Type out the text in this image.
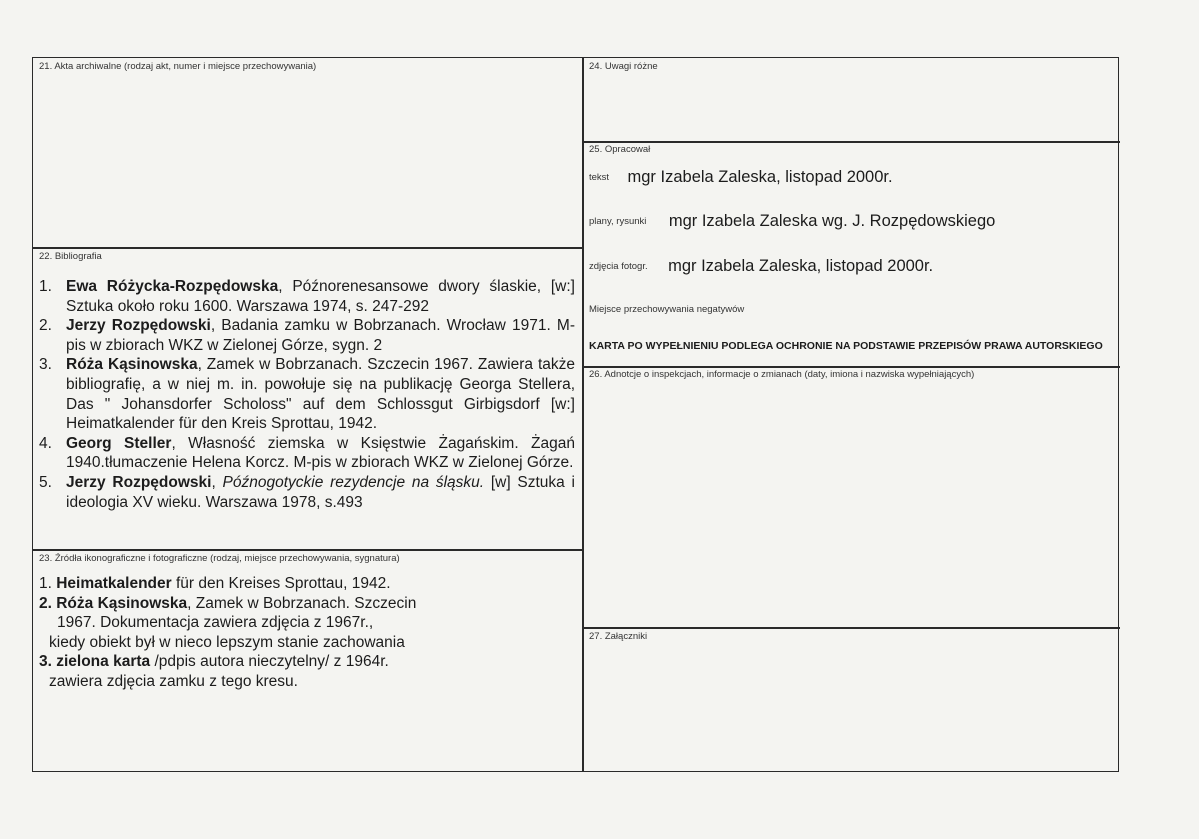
21. Akta archiwalne (rodzaj akt, numer i miejsce przechowywania)
22. Bibliografia
1. Ewa Różycka-Rozpędowska, Późnorenesansowe dwory ślaskie, [w:] Sztuka około roku 1600. Warszawa 1974, s. 247-292
2. Jerzy Rozpędowski, Badania zamku w Bobrzanach. Wrocław 1971. M-pis w zbiorach WKZ w Zielonej Górze, sygn. 2
3. Róża Kąsinowska, Zamek w Bobrzanach. Szczecin 1967. Zawiera także bibliografię, a w niej m. in. powołuje się na publikację Georga Stellera, Das " Johansdorfer Scholoss" auf dem Schlossgut Girbigsdorf [w:] Heimatkalender für den Kreis Sprottau, 1942.
4. Georg Steller, Własność ziemska w Księstwie Żagańskim. Żagań 1940.tłumaczenie Helena Korcz. M-pis w zbiorach WKZ w Zielonej Górze.
5. Jerzy Rozpędowski, Późnogotyckie rezydencje na śląsku. [w] Sztuka i ideologia XV wieku. Warszawa 1978, s.493
23. Źródła ikonograficzne i fotograficzne (rodzaj, miejsce przechowywania, sygnatura)
1. Heimatkalender für den Kreises Sprottau, 1942.
2. Róża Kąsinowska, Zamek w Bobrzanach. Szczecin
1967. Dokumentacja zawiera zdjęcia z 1967r.,
kiedy obiekt był w nieco lepszym stanie zachowania
3. zielona karta /pdpis autora nieczytelny/ z 1964r.
zawiera zdjęcia zamku z tego kresu.
24. Uwagi różne
25. Opracował
tekst mgr Izabela Zaleska, listopad 2000r.
plany, rysunki mgr Izabela Zaleska wg. J. Rozpędowskiego
zdjęcia fotogr. mgr Izabela Zaleska, listopad 2000r.
Miejsce przechowywania negatywów
KARTA PO WYPEŁNIENIU PODLEGA OCHRONIE NA PODSTAWIE PRZEPISÓW PRAWA AUTORSKIEGO
26. Adnotcje o inspekcjach, informacje o zmianach (daty, imiona i nazwiska wypełniających)
27. Załączniki
